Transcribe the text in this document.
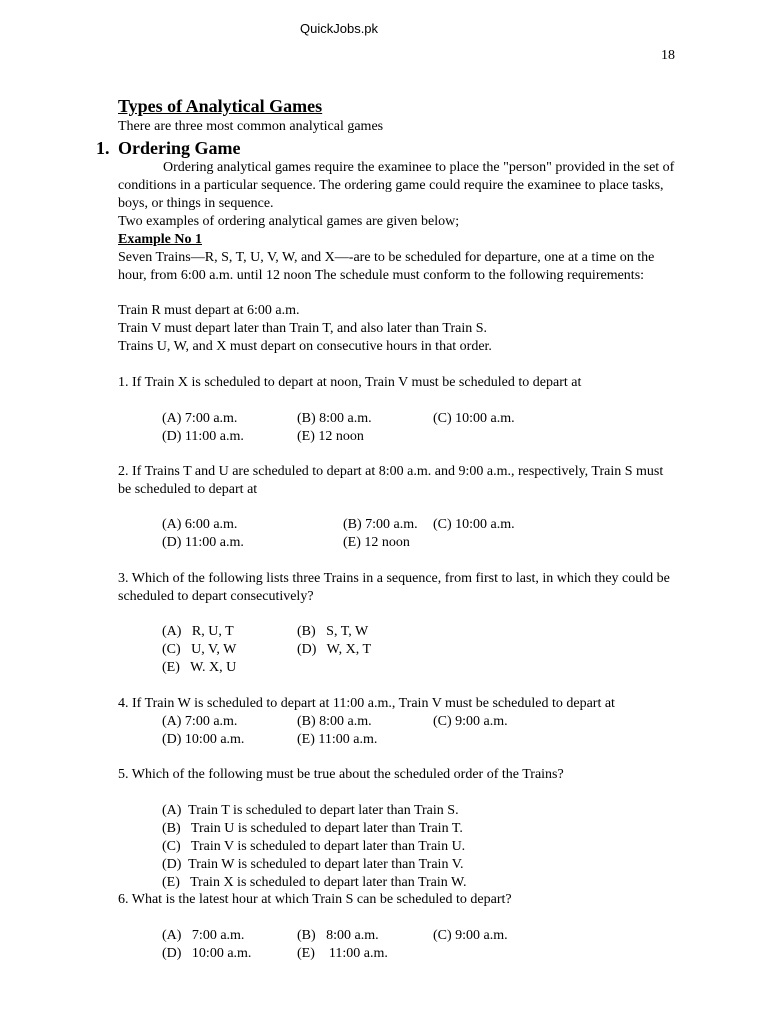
QuickJobs.pk
18
Types of Analytical Games
There are three most common analytical games
1. Ordering Game
Ordering analytical games require the examinee to place the "person" provided in the set of
conditions in a particular sequence. The ordering game could require the examinee to place tasks,
boys, or things in sequence.
Two examples of ordering analytical games are given below;
Example No 1
Seven Trains—R, S, T, U, V, W, and X—-are to be scheduled for departure, one at a time on the
hour, from 6:00 a.m. until 12 noon The schedule must conform to the following requirements:
Train R must depart at 6:00 a.m.
Train V must depart later than Train T, and also later than Train S.
Trains U, W, and X must depart on consecutive hours in that order.
1. If Train X is scheduled to depart at noon, Train V must be scheduled to depart at
(A) 7:00 a.m.	(B) 8:00 a.m.	(C) 10:00 a.m.
(D) 11:00 a.m.	(E) 12 noon
2. If Trains T and U are scheduled to depart at 8:00 a.m. and 9:00 a.m., respectively, Train S must
be scheduled to depart at
(A) 6:00 a.m.	(B) 7:00 a.m. (C) 10:00 a.m.
(D) 11:00 a.m.	(E) 12 noon
3. Which of the following lists three Trains in a sequence, from first to last, in which they could be
scheduled to depart consecutively?
(A)   R, U, T	(B)   S, T, W
(C)   U, V, W	(D)   W, X, T
(E)   W. X, U
4. If Train W is scheduled to depart at 11:00 a.m., Train V must be scheduled to depart at
(A) 7:00 a.m.	(B) 8:00 a.m.	(C) 9:00 a.m.
(D) 10:00 a.m.	(E) 11:00 a.m.
5. Which of the following must be true about the scheduled order of the Trains?
(A)  Train T is scheduled to depart later than Train S.
(B)   Train U is scheduled to depart later than Train T.
(C)   Train V is scheduled to depart later than Train U.
(D)  Train W is scheduled to depart later than Train V.
(E)   Train X is scheduled to depart later than Train W.
6. What is the latest hour at which Train S can be scheduled to depart?
(A)   7:00 a.m.	(B)   8:00 a.m.	(C) 9:00 a.m.
(D)   10:00 a.m.	(E)    11:00 a.m.
